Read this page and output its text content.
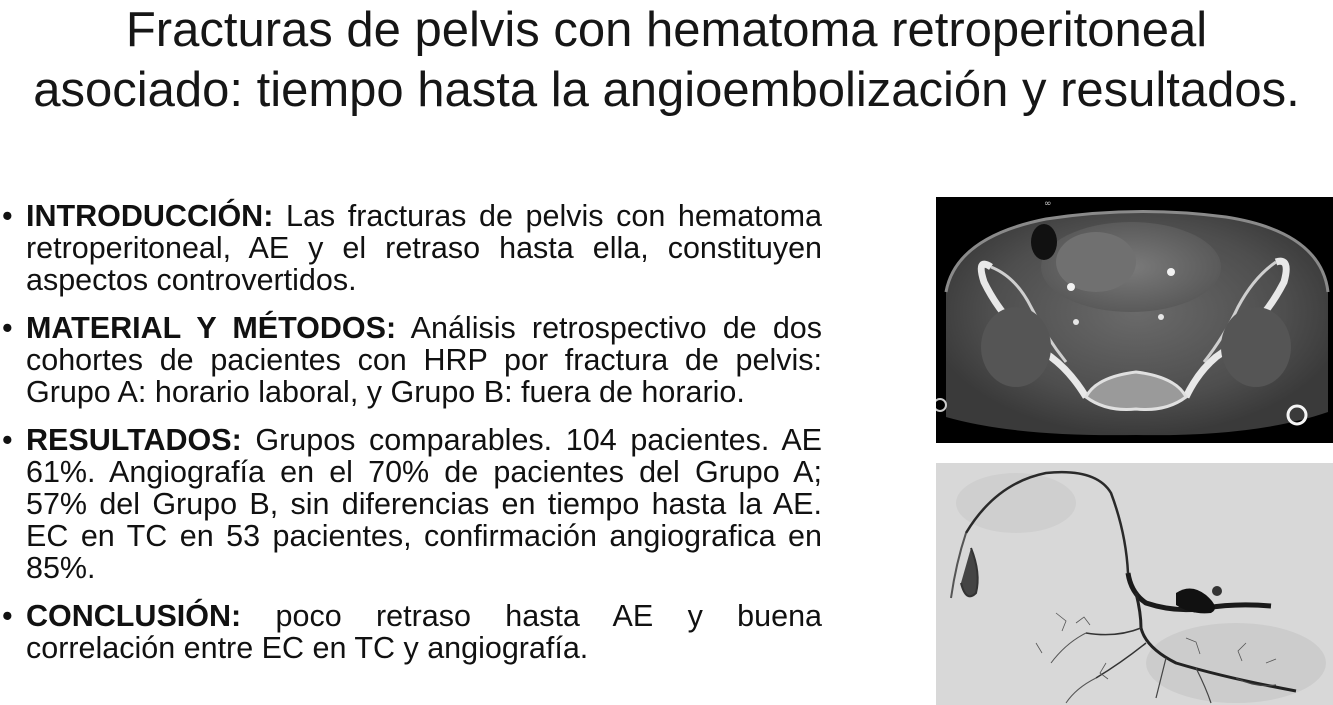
Fracturas de pelvis con hematoma retroperitoneal asociado: tiempo hasta la angioembolización y resultados.
• INTRODUCCIÓN: Las fracturas de pelvis con hematoma retroperitoneal, AE y el retraso hasta ella, constituyen aspectos controvertidos.
• MATERIAL Y MÉTODOS: Análisis retrospectivo de dos cohortes de pacientes con HRP por fractura de pelvis: Grupo A: horario laboral, y Grupo B: fuera de horario.
• RESULTADOS: Grupos comparables. 104 pacientes. AE 61%. Angiografía en el 70% de pacientes del Grupo A; 57% del Grupo B, sin diferencias en tiempo hasta la AE. EC en TC en 53 pacientes, confirmación angiografica en 85%.
• CONCLUSIÓN: poco retraso hasta AE y buena correlación entre EC en TC y angiografía.
∞
